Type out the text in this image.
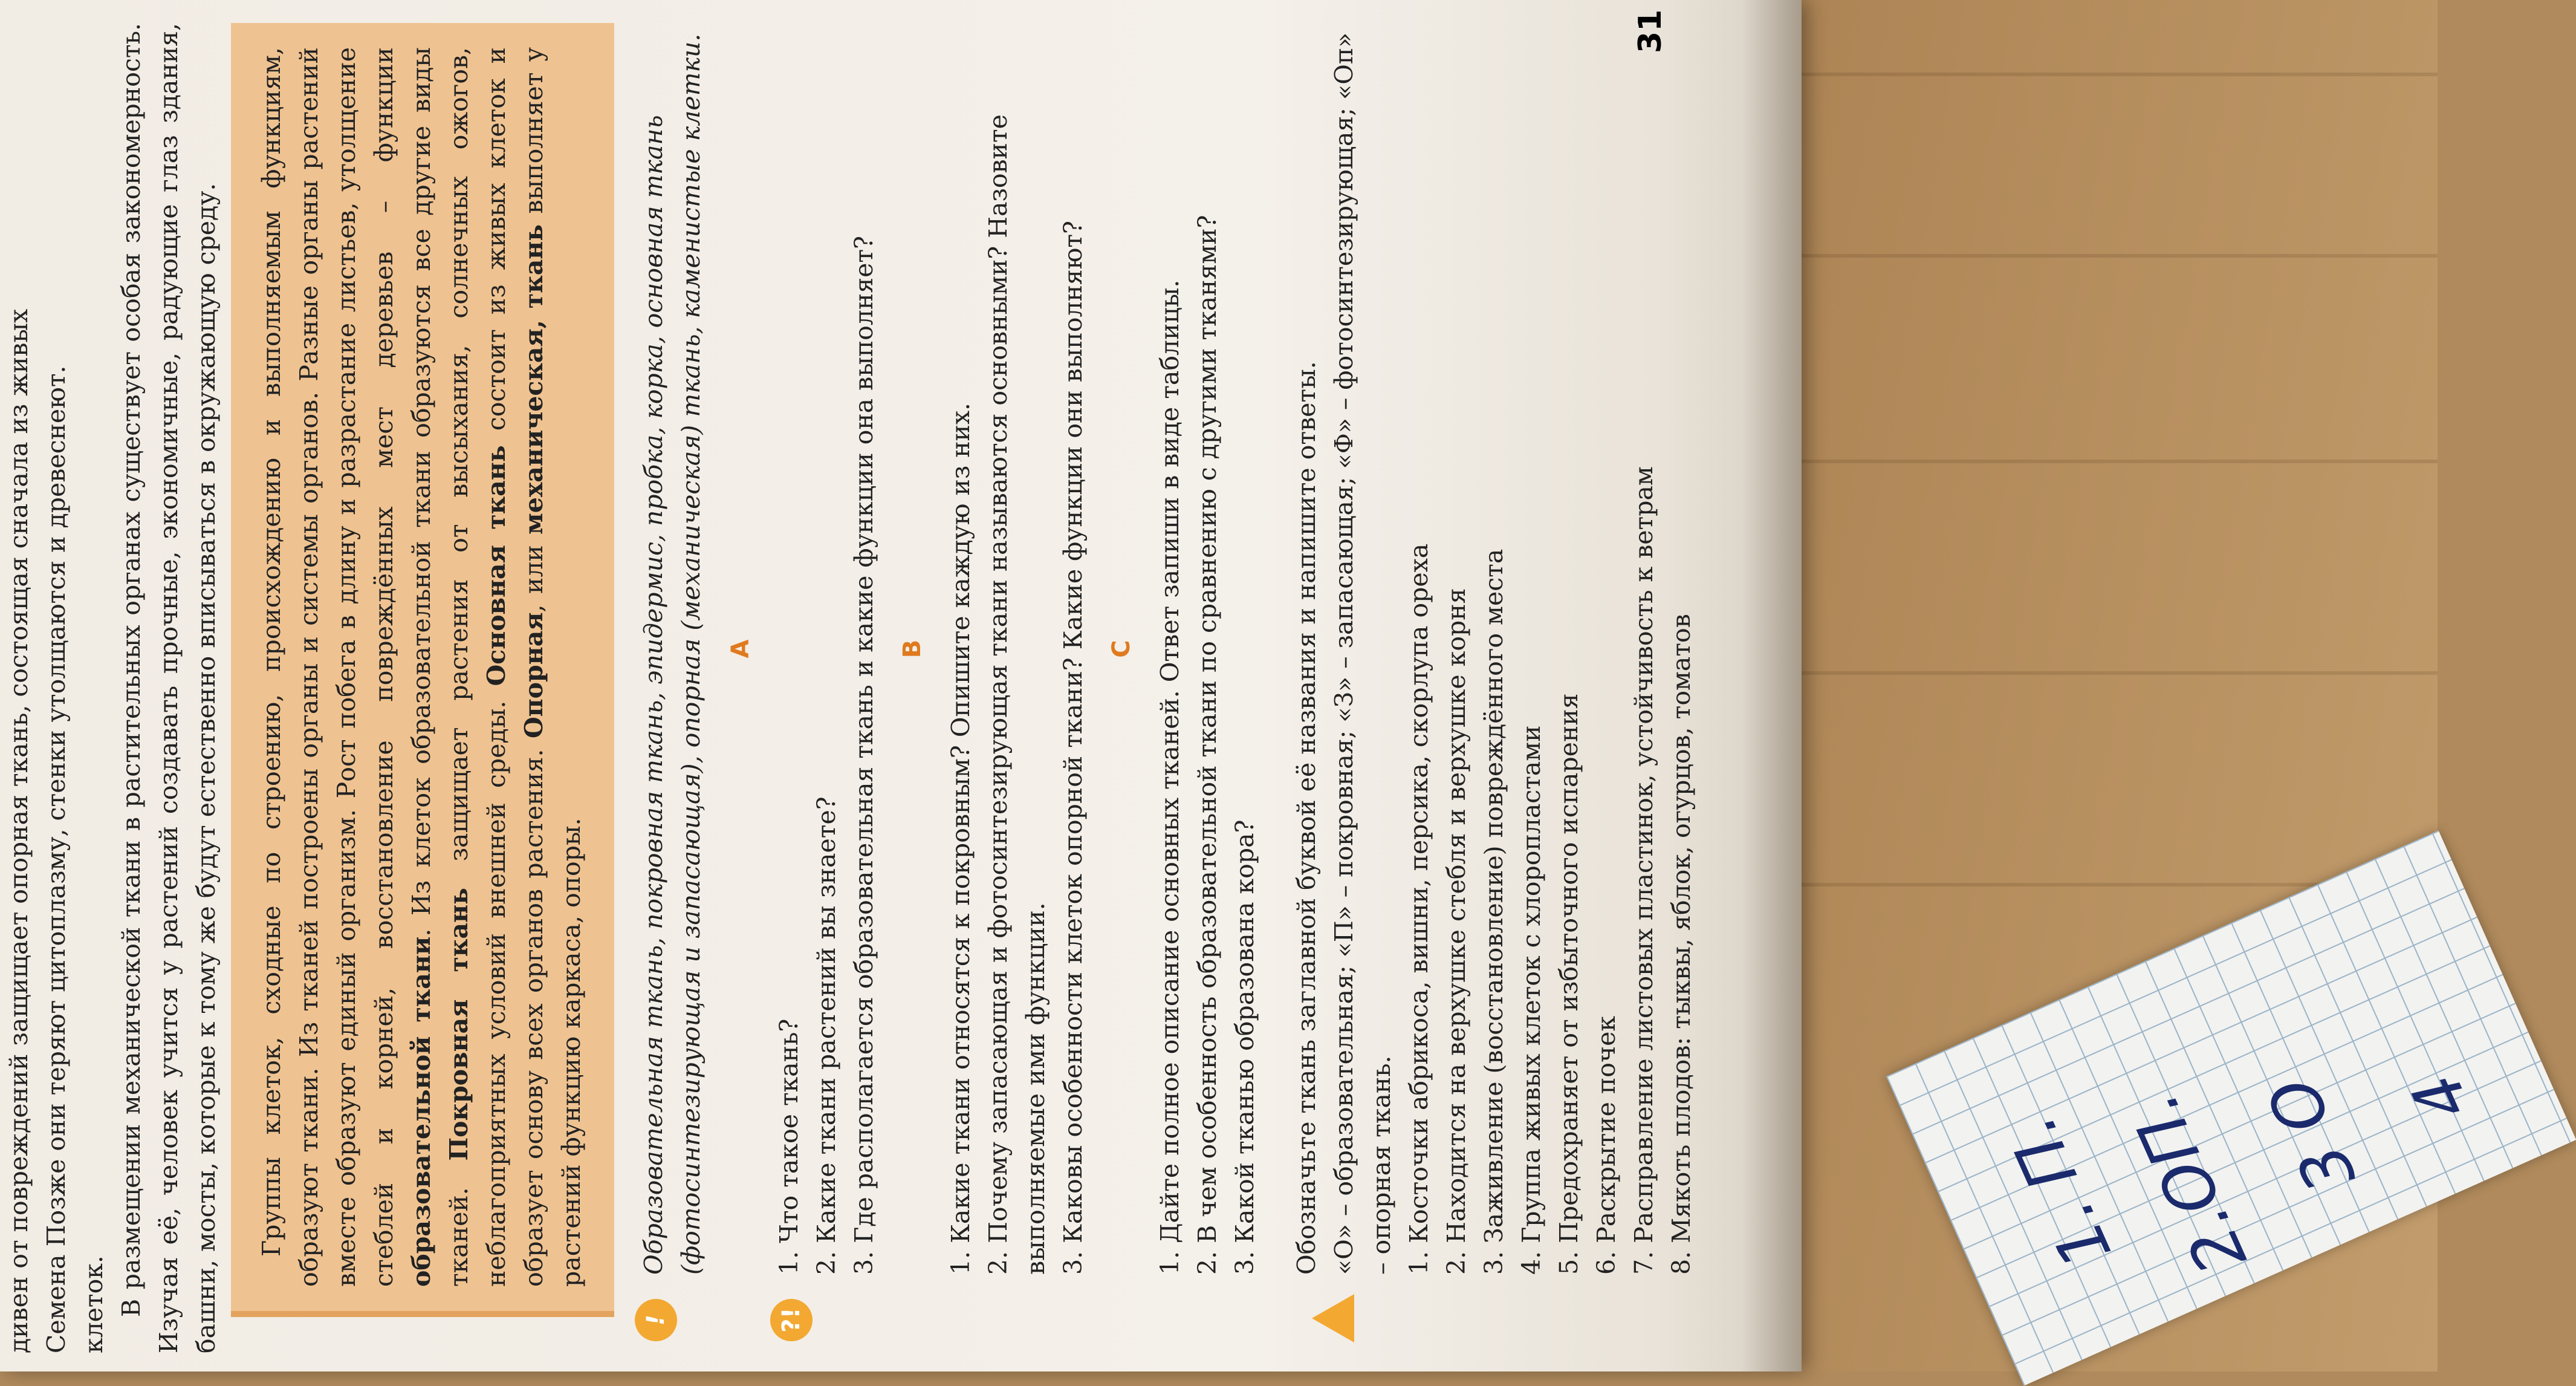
1. П.
2.ОП.
3 О 4

дивен от повреждений защищает опорная ткань, состоящая сначала из живых Семена Позже они теряют цитоплазму, стенки утолщаются и древеснеют. клеток. В размещении механической ткани в растительных органах существует особая закономерность. Изучая её, человек учится у растений создавать прочные, экономичные, радующие глаз здания, башни, мосты, которые к тому же будут естественно вписываться в окружающую среду. Группы клеток, сходные по строению, происхождению и выполняемым функциям, образуют ткани. Из тканей построены органы и системы органов. Разные органы растений вместе образуют единый организм. Рост побега в длину и разрастание листьев, утолщение стеблей и корней, восстановление повреждённых мест деревьев – функции образовательной ткани. Из клеток образовательной ткани образуются все другие виды тканей. Покровная ткань защищает растения от высыхания, солнечных ожогов, неблагоприятных условий внешней среды. Основная ткань состоит из живых клеток и образует основу всех органов растения. Опорная, или механическая, ткань выполняет у растений функцию каркаса, опоры.

!
Образовательная ткань, покровная ткань, эпидермис, пробка, корка, основная ткань (фотосинтезирующая и запасающая), опорная (механическая) ткань, каменистые клетки.
?!
А
1. Что такое ткань? 2. Какие ткани растений вы знаете? 3. Где располагается образовательная ткань и какие функции она выполняет? В 1. Какие ткани относятся к покровным? Опишите каждую из них. 2. Почему запасающая и фотосинтезирующая ткани называются основными? Назовите выполняемые ими функции. 3. Каковы особенности клеток опорной ткани? Какие функции они выполняют? С 1. Дайте полное описание основных тканей. Ответ запиши в виде таблицы. 2. В чем особенность образовательной ткани по сравнению с другими тканями? 3. Какой тканью образована кора? Обозначьте ткань заглавной буквой её названия и напишите ответы. «О» – образовательная; «П» – покровная; «З» – запасающая; «Ф» – фотосинтезирующая; «Оп» – опорная ткань. 1. Косточки абрикоса, вишни, персика, скорлупа ореха 2. Находится на верхушке стебля и верхушке корня 3. Заживление (восстановление) повреждённого места 4. Группа живых клеток с хлоропластами 5. Предохраняет от избыточного испарения 6. Раскрытие почек 7. Расправление листовых пластинок, устойчивость к ветрам 8. Мякоть плодов: тыквы, яблок, огурцов, томатов
31
